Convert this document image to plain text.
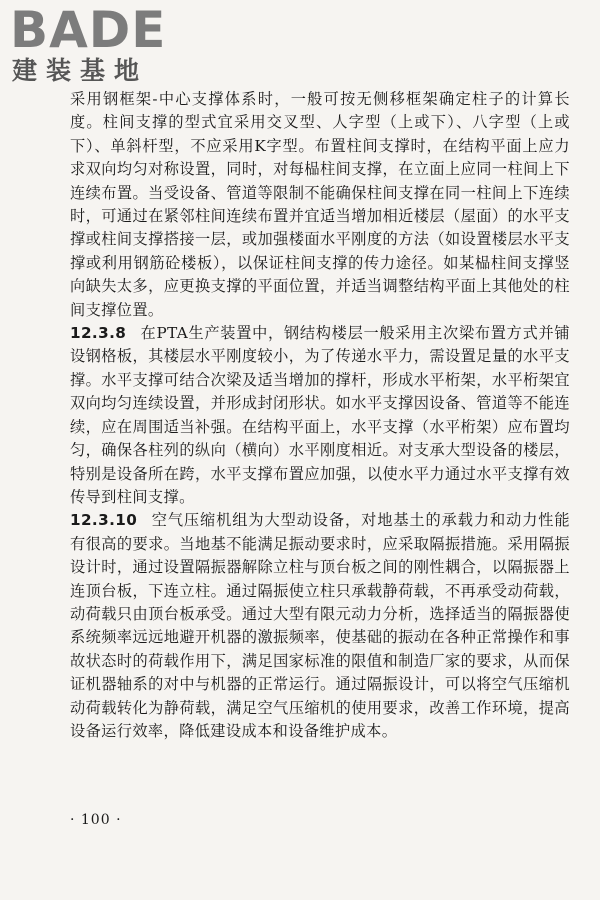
BADE
建装基地

采用钢框架-中心支撑体系时，一般可按无侧移框架确定柱子的计算长度。柱间支撑的型式宜采用交叉型、人字型（上或下）、八字型（上或下）、单斜杆型，不应采用K字型。布置柱间支撑时，在结构平面上应力求双向均匀对称设置，同时，对每榀柱间支撑，在立面上应同一柱间上下连续布置。当受设备、管道等限制不能确保柱间支撑在同一柱间上下连续时，可通过在紧邻柱间连续布置并宜适当增加相近楼层（屋面）的水平支撑或柱间支撑搭接一层，或加强楼面水平刚度的方法（如设置楼层水平支撑或利用钢筋砼楼板），以保证柱间支撑的传力途径。如某榀柱间支撑竖向缺失太多，应更换支撑的平面位置，并适当调整结构平面上其他处的柱间支撑位置。

12.3.8 在PTA生产装置中，钢结构楼层一般采用主次梁布置方式并铺设钢格板，其楼层水平刚度较小，为了传递水平力，需设置足量的水平支撑。水平支撑可结合次梁及适当增加的撑杆，形成水平桁架，水平桁架宜双向均匀连续设置，并形成封闭形状。如水平支撑因设备、管道等不能连续，应在周围适当补强。在结构平面上，水平支撑（水平桁架）应布置均匀，确保各柱列的纵向（横向）水平刚度相近。对支承大型设备的楼层，特别是设备所在跨，水平支撑布置应加强，以使水平力通过水平支撑有效传导到柱间支撑。

12.3.10 空气压缩机组为大型动设备，对地基土的承载力和动力性能有很高的要求。当地基不能满足振动要求时，应采取隔振措施。采用隔振设计时，通过设置隔振器解除立柱与顶台板之间的刚性耦合，以隔振器上连顶台板，下连立柱。通过隔振使立柱只承载静荷载，不再承受动荷载，动荷载只由顶台板承受。通过大型有限元动力分析，选择适当的隔振器使系统频率远远地避开机器的激振频率，使基础的振动在各种正常操作和事故状态时的荷载作用下，满足国家标准的限值和制造厂家的要求，从而保证机器轴系的对中与机器的正常运行。通过隔振设计，可以将空气压缩机动荷载转化为静荷载，满足空气压缩机的使用要求，改善工作环境，提高设备运行效率，降低建设成本和设备维护成本。

· 100 ·
